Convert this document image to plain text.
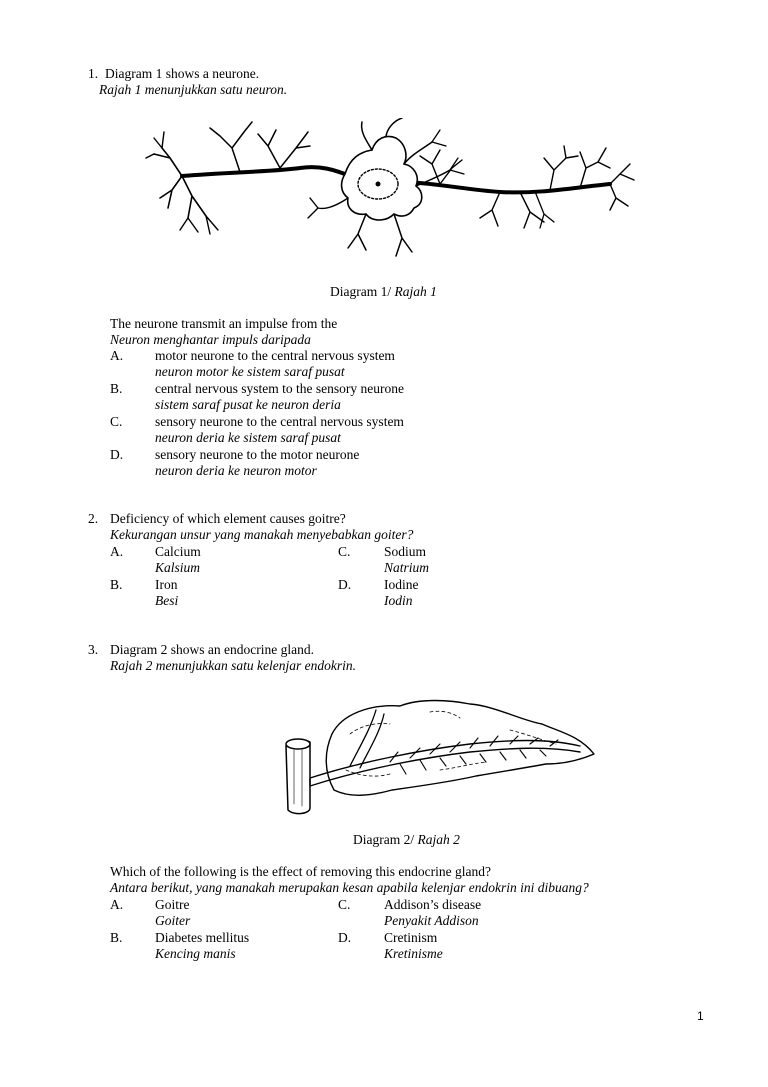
1. Diagram 1 shows a neurone.
Rajah 1 menunjukkan satu neuron.
Diagram 1/ Rajah 1
The neurone transmit an impulse from the
Neuron menghantar impuls daripada
A. motor neurone to the central nervous system
neuron motor ke sistem saraf pusat
B. central nervous system to the sensory neurone
sistem saraf pusat ke neuron deria
C. sensory neurone to the central nervous system
neuron deria ke sistem saraf pusat
D. sensory neurone to the motor neurone
neuron deria ke neuron motor
2. Deficiency of which element causes goitre?
Kekurangan unsur yang manakah menyebabkan goiter?
A. Calcium
Kalsium
B. Iron
Besi
C. Sodium
Natrium
D. Iodine
Iodin
3. Diagram 2 shows an endocrine gland.
Rajah 2 menunjukkan satu kelenjar endokrin.
Diagram 2/ Rajah 2
Which of the following is the effect of removing this endocrine gland?
Antara berikut, yang manakah merupakan kesan apabila kelenjar endokrin ini dibuang?
A. Goitre
Goiter
B. Diabetes mellitus
Kencing manis
C. Addison’s disease
Penyakit Addison
D. Cretinism
Kretinisme
1
